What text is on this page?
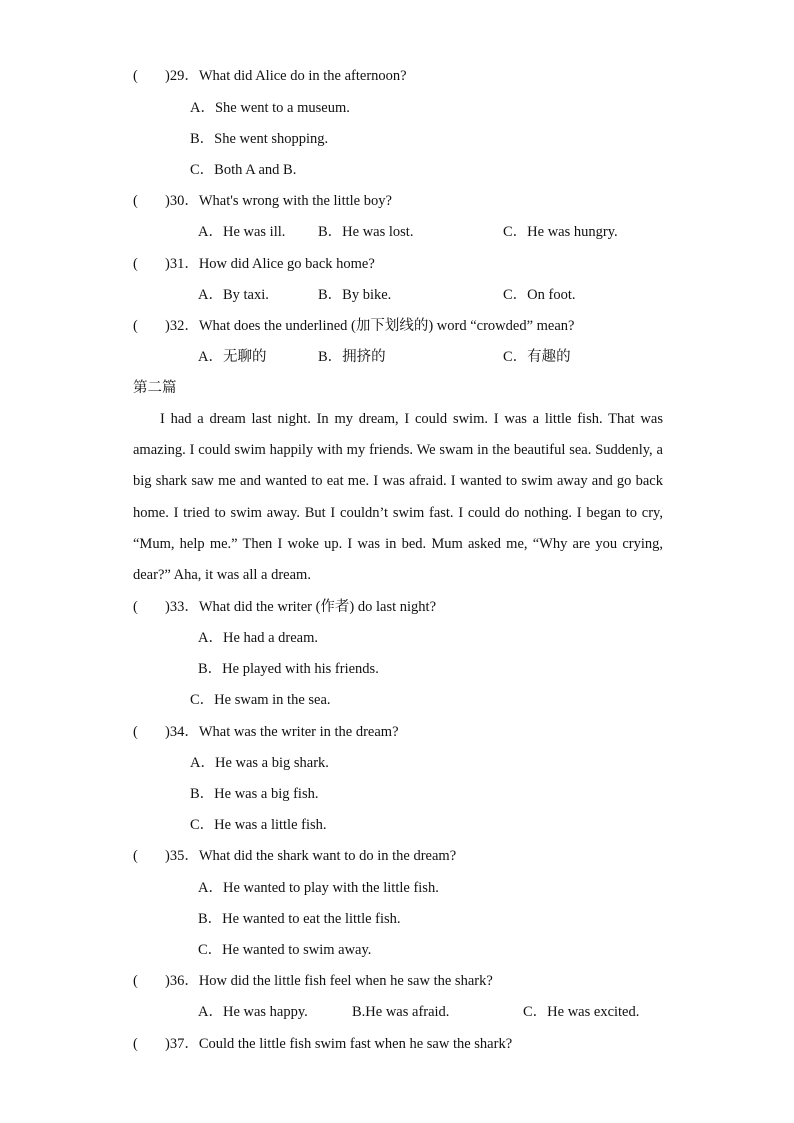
( )29．What did Alice do in the afternoon?
A．She went to a museum.
B．She went shopping.
C．Both A and B.
( )30．What's wrong with the little boy?
A．He was ill. B．He was lost.	C．He was hungry.
( )31．How did Alice go back home?
A．By taxi.	B．By bike.	C．On foot.
( )32．What does the underlined (加下划线的) word “crowded” mean?
A．无聊的	B．拥挤的	C．有趣的
第二篇
I had a dream last night. In my dream, I could swim. I was a little fish. That was amazing. I could swim happily with my friends. We swam in the beautiful sea. Suddenly, a big shark saw me and wanted to eat me. I was afraid. I wanted to swim away and go back home. I tried to swim away. But I couldn’t swim fast. I could do nothing. I began to cry, “Mum, help me.” Then I woke up. I was in bed. Mum asked me, “Why are you crying, dear?” Aha, it was all a dream.
( )33．What did the writer (作者) do last night?
A．He had a dream.
B．He played with his friends.
C．He swam in the sea.
( )34．What was the writer in the dream?
A．He was a big shark.
B．He was a big fish.
C．He was a little fish.
( )35．What did the shark want to do in the dream?
A．He wanted to play with the little fish.
B．He wanted to eat the little fish.
C．He wanted to swim away.
( )36．How did the little fish feel when he saw the shark?
A．He was happy.	B.He was afraid.	C．He was excited.
( )37．Could the little fish swim fast when he saw the shark?
